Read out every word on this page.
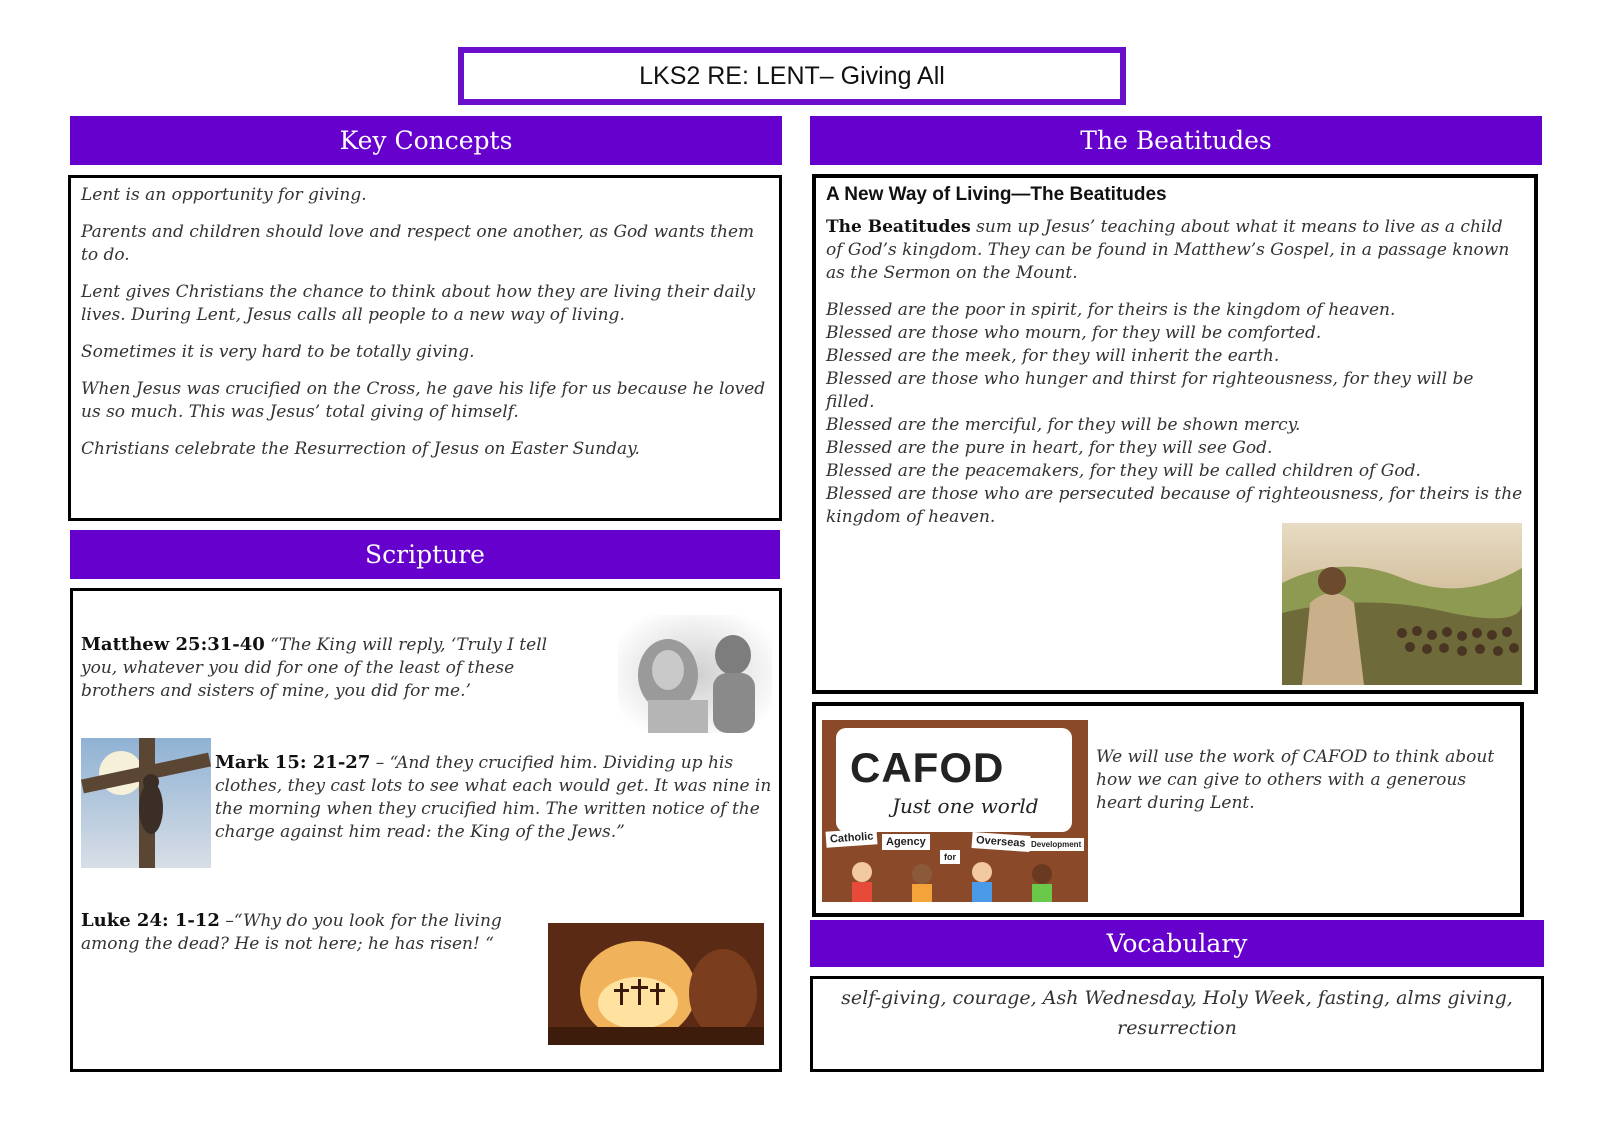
LKS2 RE: LENT– Giving All
Key Concepts

Lent is an opportunity for giving.

Parents and children should love and respect one another, as God wants them to do.

Lent gives Christians the chance to think about how they are living their daily lives. During Lent, Jesus calls all people to a new way of living.

Sometimes it is very hard to be totally giving.

When Jesus was crucified on the Cross, he gave his life for us because he loved us so much. This was Jesus’ total giving of himself.

Christians celebrate the Resurrection of Jesus on Easter Sunday.

Scripture
Matthew 25:31-40 “The King will reply, ‘Truly I tell you, whatever you did for one of the least of these brothers and sisters of mine, you did for me.’
Mark 15: 21-27 – “And they crucified him. Dividing up his clothes, they cast lots to see what each would get. It was nine in the morning when they crucified him. The written notice of the charge against him read: the King of the Jews.”
Luke 24: 1-12 –“Why do you look for the living among the dead? He is not here; he has risen! “
The Beatitudes
A New Way of Living—The Beatitudes

The Beatitudes sum up Jesus’ teaching about what it means to live as a child of God’s kingdom. They can be found in Matthew’s Gospel, in a passage known as the Sermon on the Mount.

Blessed are the poor in spirit, for theirs is the kingdom of heaven.
Blessed are those who mourn, for they will be comforted.
Blessed are the meek, for they will inherit the earth.
Blessed are those who hunger and thirst for righteousness, for they will be filled.
Blessed are the merciful, for they will be shown mercy.
Blessed are the pure in heart, for they will see God.
Blessed are the peacemakers, for they will be called children of God.
Blessed are those who are persecuted because of righteousness, for theirs is the kingdom of heaven.
CAFOD
Just one world
Catholic	Agency
for
Overseas Development

We will use the work of CAFOD to think about how we can give to others with a generous heart during Lent.

Vocabulary

self-giving, courage, Ash Wednesday, Holy Week, fasting, alms giving, resurrection
